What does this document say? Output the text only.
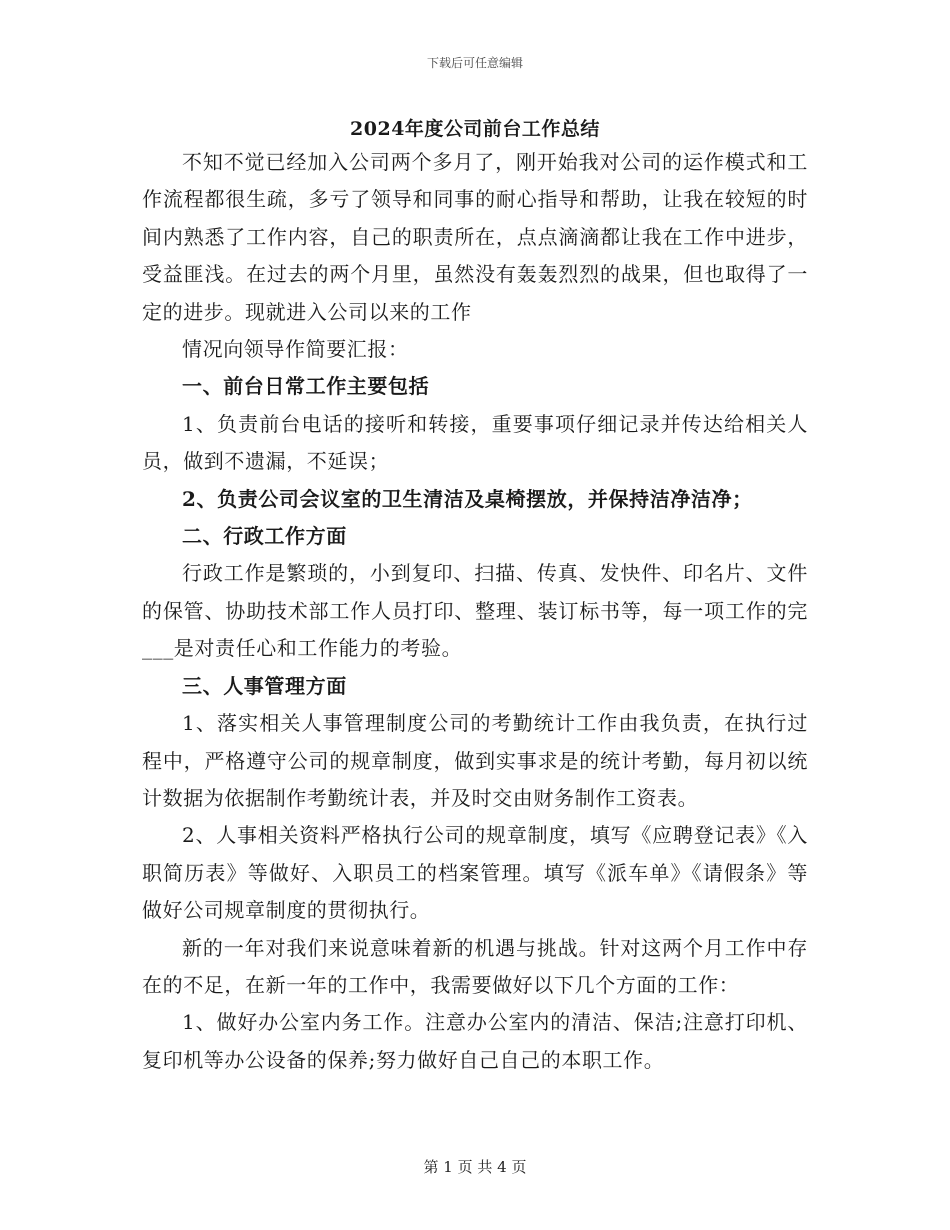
下载后可任意编辑
2024年度公司前台工作总结

不知不觉已经加入公司两个多月了，刚开始我对公司的运作模式和工作流程都很生疏，多亏了领导和同事的耐心指导和帮助，让我在较短的时间内熟悉了工作内容，自己的职责所在，点点滴滴都让我在工作中进步，受益匪浅。在过去的两个月里，虽然没有轰轰烈烈的战果，但也取得了一定的进步。现就进入公司以来的工作

情况向领导作简要汇报：

一、前台日常工作主要包括

1、负责前台电话的接听和转接，重要事项仔细记录并传达给相关人员，做到不遗漏，不延误；

2、负责公司会议室的卫生清洁及桌椅摆放，并保持洁净洁净；

二、行政工作方面

行政工作是繁琐的，小到复印、扫描、传真、发快件、印名片、文件的保管、协助技术部工作人员打印、整理、装订标书等，每一项工作的完___是对责任心和工作能力的考验。

三、人事管理方面

1、落实相关人事管理制度公司的考勤统计工作由我负责，在执行过程中，严格遵守公司的规章制度，做到实事求是的统计考勤，每月初以统计数据为依据制作考勤统计表，并及时交由财务制作工资表。

2、人事相关资料严格执行公司的规章制度，填写《应聘登记表》《入职简历表》等做好、入职员工的档案管理。填写《派车单》《请假条》等做好公司规章制度的贯彻执行。

新的一年对我们来说意味着新的机遇与挑战。针对这两个月工作中存在的不足，在新一年的工作中，我需要做好以下几个方面的工作：

1、做好办公室内务工作。注意办公室内的清洁、保洁;注意打印机、复印机等办公设备的保养;努力做好自己自己的本职工作。

第 1 页 共 4 页
